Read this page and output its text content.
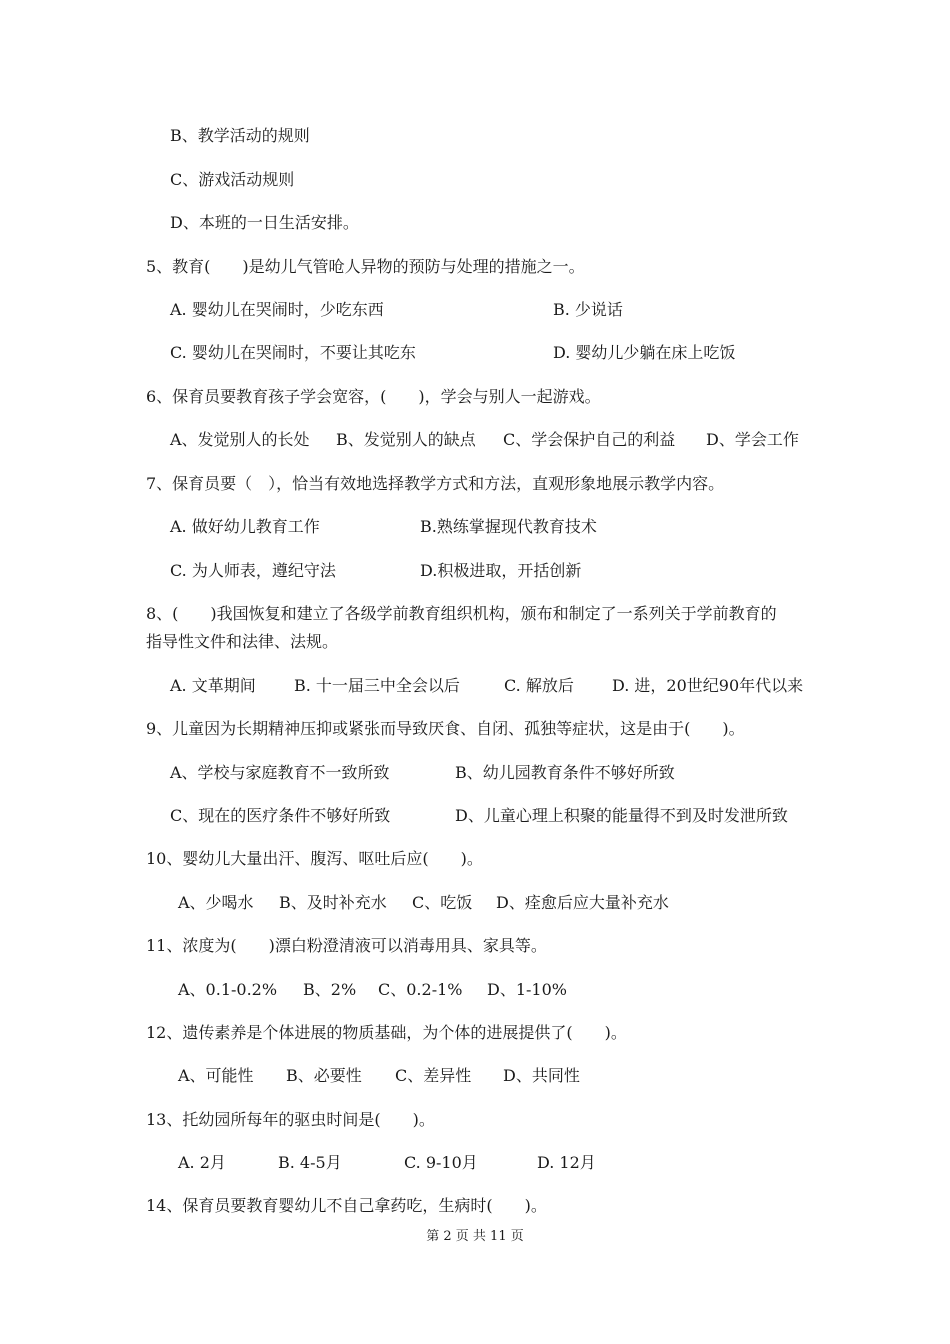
B、教学活动的规则
C、游戏活动规则
D、本班的一日生活安排。
5、教育(　　)是幼儿气管呛人异物的预防与处理的措施之一。
A. 婴幼儿在哭闹时，少吃东西	B. 少说话
C. 婴幼儿在哭闹时，不要让其吃东	D. 婴幼儿少躺在床上吃饭
6、保育员要教育孩子学会宽容，(　　)，学会与别人一起游戏。
A、发觉别人的长处 B、发觉别人的缺点 C、学会保护自己的利益 D、学会工作
7、保育员要（　），恰当有效地选择教学方式和方法，直观形象地展示教学内容。
A. 做好幼儿教育工作	B.熟练掌握现代教育技术
C. 为人师表，遵纪守法	D.积极进取，开括创新
8、(　　)我国恢复和建立了各级学前教育组织机构，颁布和制定了一系列关于学前教育的
指导性文件和法律、法规。
A. 文革期间 B. 十一届三中全会以后	C. 解放后 D. 进，20世纪90年代以来
9、儿童因为长期精神压抑或紧张而导致厌食、自闭、孤独等症状，这是由于(　　)。
A、学校与家庭教育不一致所致	B、幼儿园教育条件不够好所致
C、现在的医疗条件不够好所致	D、儿童心理上积聚的能量得不到及时发泄所致
10、婴幼儿大量出汗、腹泻、呕吐后应(　　)。
A、少喝水 B、及时补充水 C、吃饭 D、痊愈后应大量补充水
11、浓度为(　　)漂白粉澄清液可以消毒用具、家具等。
A、0.1-0.2% B、2% C、0.2-1% D、1-10%
12、遗传素养是个体进展的物质基础，为个体的进展提供了(　　)。
A、可能性 B、必要性 C、差异性 D、共同性
13、托幼园所每年的驱虫时间是(　　)。
A. 2月	B. 4-5月	C. 9-10月	D. 12月
14、保育员要教育婴幼儿不自己拿药吃，生病时(　　)。
第 2 页 共 11 页
